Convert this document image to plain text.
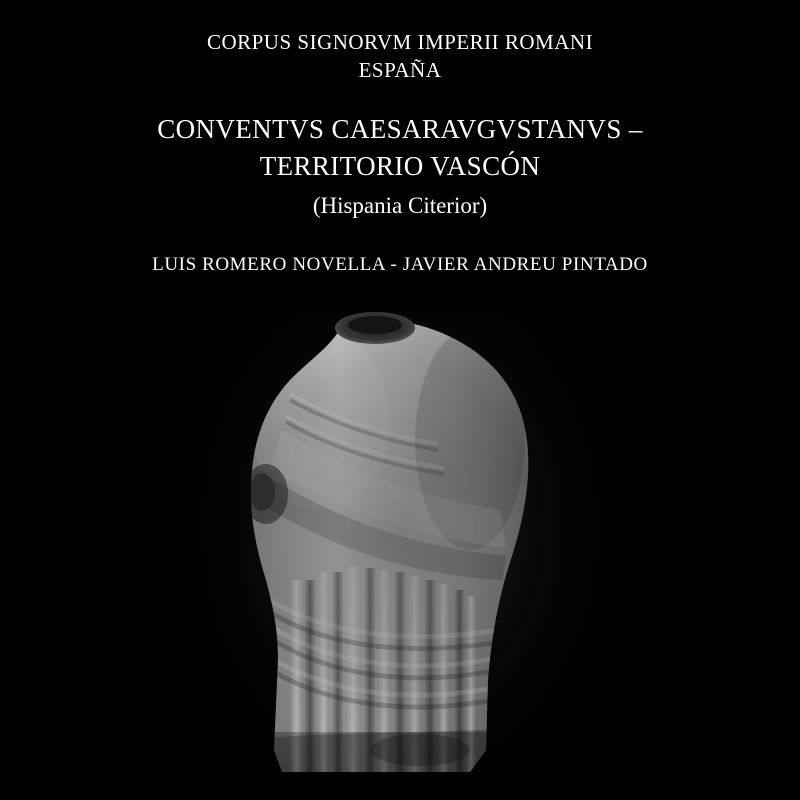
CORPUS SIGNORVM IMPERII ROMANI
ESPAÑA
CONVENTVS CAESARAVGVSTANVS –
TERRITORIO VASCÓN
(Hispania Citerior)
LUIS ROMERO NOVELLA - JAVIER ANDREU PINTADO
